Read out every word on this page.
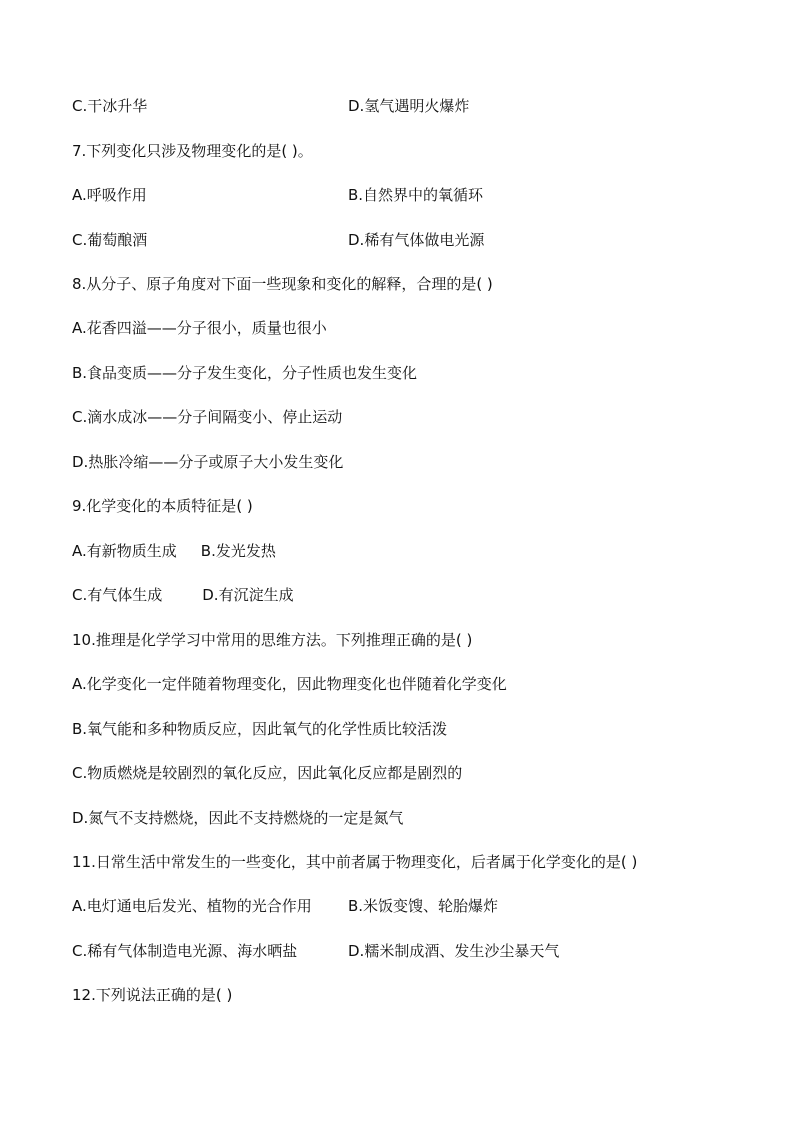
C.干冰升华	D.氢气遇明火爆炸
7.下列变化只涉及物理变化的是( )。
A.呼吸作用	B.自然界中的氧循环
C.葡萄酿酒	D.稀有气体做电光源
8.从分子、原子角度对下面一些现象和变化的解释，合理的是( )
A.花香四溢——分子很小，质量也很小
B.食品变质——分子发生变化，分子性质也发生变化
C.滴水成冰——分子间隔变小、停止运动
D.热胀冷缩——分子或原子大小发生变化
9.化学变化的本质特征是( )
A.有新物质生成 B.发光发热
C.有气体生成	D.有沉淀生成
10.推理是化学学习中常用的思维方法。下列推理正确的是( )
A.化学变化一定伴随着物理变化，因此物理变化也伴随着化学变化
B.氧气能和多种物质反应，因此氧气的化学性质比较活泼
C.物质燃烧是较剧烈的氧化反应，因此氧化反应都是剧烈的
D.氮气不支持燃烧，因此不支持燃烧的一定是氮气
11.日常生活中常发生的一些变化，其中前者属于物理变化，后者属于化学变化的是( )
A.电灯通电后发光、植物的光合作用 B.米饭变馊、轮胎爆炸
C.稀有气体制造电光源、海水晒盐	D.糯米制成酒、发生沙尘暴天气
12.下列说法正确的是( )
